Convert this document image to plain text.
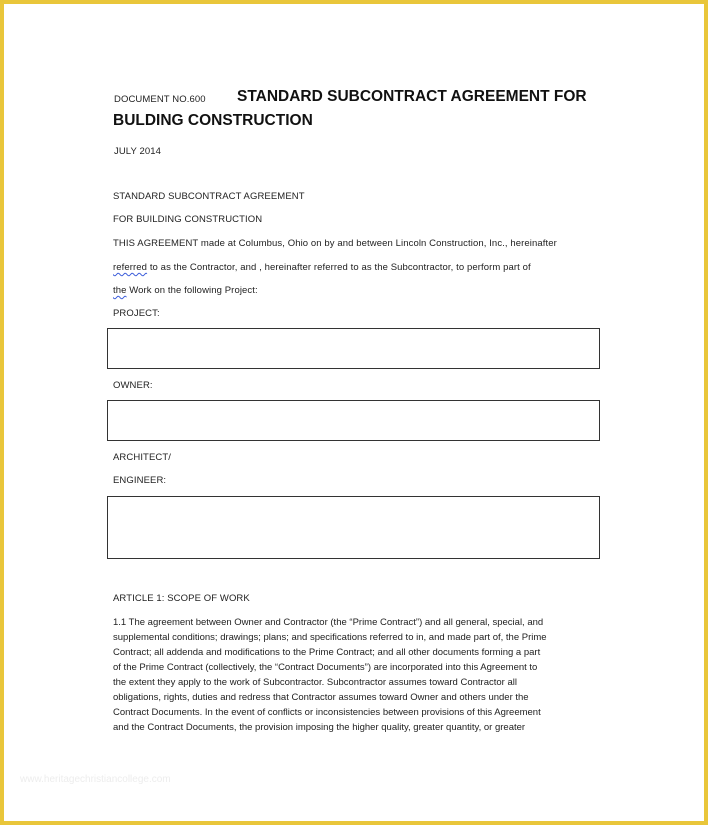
DOCUMENT NO.600 STANDARD SUBCONTRACT AGREEMENT FOR
BULDING CONSTRUCTION
JULY 2014
STANDARD SUBCONTRACT AGREEMENT
FOR BUILDING CONSTRUCTION
THIS AGREEMENT made at Columbus, Ohio on by and between Lincoln Construction, Inc., hereinafter
referred to as the Contractor, and , hereinafter referred to as the Subcontractor, to perform part of
the Work on the following Project:
PROJECT:
OWNER:
ARCHITECT/
ENGINEER:
ARTICLE 1: SCOPE OF WORK
1.1 The agreement between Owner and Contractor (the “Prime Contract”) and all general, special, and
supplemental conditions; drawings; plans; and specifications referred to in, and made part of, the Prime
Contract; all addenda and modifications to the Prime Contract; and all other documents forming a part
of the Prime Contract (collectively, the “Contract Documents”) are incorporated into this Agreement to
the extent they apply to the work of Subcontractor. Subcontractor assumes toward Contractor all
obligations, rights, duties and redress that Contractor assumes toward Owner and others under the
Contract Documents. In the event of conflicts or inconsistencies between provisions of this Agreement
and the Contract Documents, the provision imposing the higher quality, greater quantity, or greater
www.heritagechristiancollege.com
